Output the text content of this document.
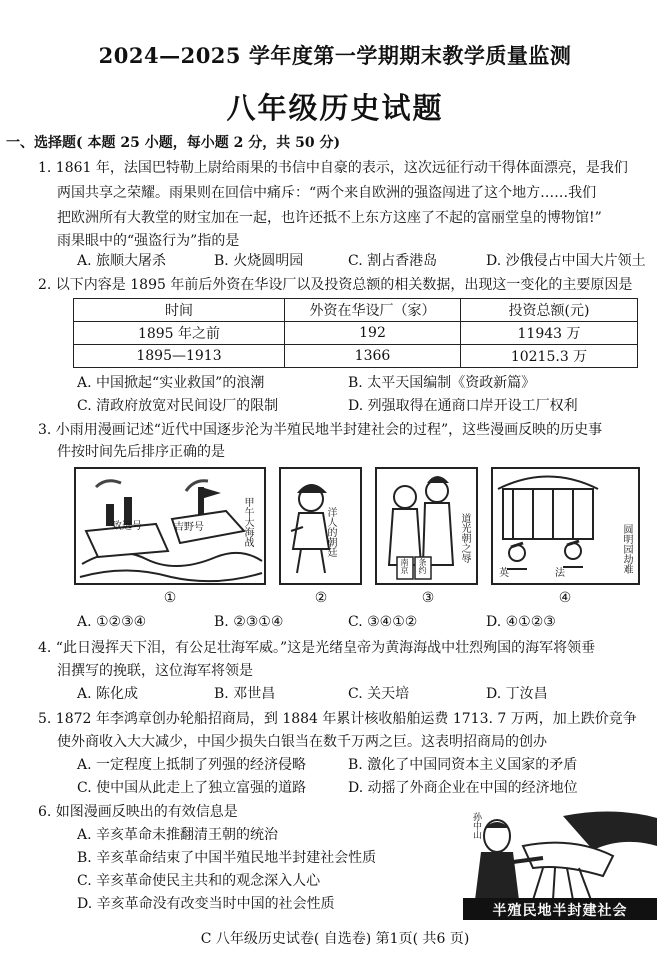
2024—2025 学年度第一学期期末教学质量监测
八年级历史试题
一、选择题( 本题 25 小题，每小题 2 分，共 50 分)
1. 1861 年，法国巴特勒上尉给雨果的书信中自豪的表示，这次远征行动干得体面漂亮，是我们
两国共享之荣耀。雨果则在回信中痛斥：“两个来自欧洲的强盗闯进了这个地方……我们
把欧洲所有大教堂的财宝加在一起，也许还抵不上东方这座了不起的富丽堂皇的博物馆!”
雨果眼中的“强盗行为”指的是
A. 旅顺大屠杀	B. 火烧圆明园	C. 割占香港岛	D. 沙俄侵占中国大片领土
2. 以下内容是 1895 年前后外资在华设厂以及投资总额的相关数据，出现这一变化的主要原因是
时间	外资在华设厂（家）	投资总额(元)
1895 年之前	192	11943 万
1895—1913	1366	10215.3 万
A. 中国掀起“实业救国”的浪潮	B. 太平天国编制《资政新篇》
C. 清政府放宽对民间设厂的限制	D. 列强取得在通商口岸开设工厂权利
3. 小雨用漫画记述“近代中国逐步沦为半殖民地半封建社会的过程”，这些漫画反映的历史事
件按时间先后排序正确的是
致远号	吉野号	甲午大海战	洋人的朝廷
南京 条约
道光朝之辱
英	法	圆明园劫难
①	②	③	④
A. ①②③④	B. ②③①④	C. ③④①②	D. ④①②③
4. “此日漫挥天下泪，有公足壮海军威。”这是光绪皇帝为黄海海战中壮烈殉国的海军将领垂
泪撰写的挽联，这位海军将领是
A. 陈化成	B. 邓世昌	C. 关天培	D. 丁汝昌
5. 1872 年李鸿章创办轮船招商局，到 1884 年累计核收船舶运费 1713. 7 万两，加上跌价竞争
使外商收入大大减少，中国少损失白银当在数千万两之巨。这表明招商局的创办
A. 一定程度上抵制了列强的经济侵略	B. 激化了中国同资本主义国家的矛盾
C. 使中国从此走上了独立富强的道路	D. 动摇了外商企业在中国的经济地位
6. 如图漫画反映出的有效信息是
A. 辛亥革命未推翻清王朝的统治
B. 辛亥革命结束了中国半殖民地半封建社会性质
C. 辛亥革命使民主共和的观念深入人心
D. 辛亥革命没有改变当时中国的社会性质
孙中山
半殖民地半封建社会
C 八年级历史试卷( 自选卷) 第1页( 共6 页)
